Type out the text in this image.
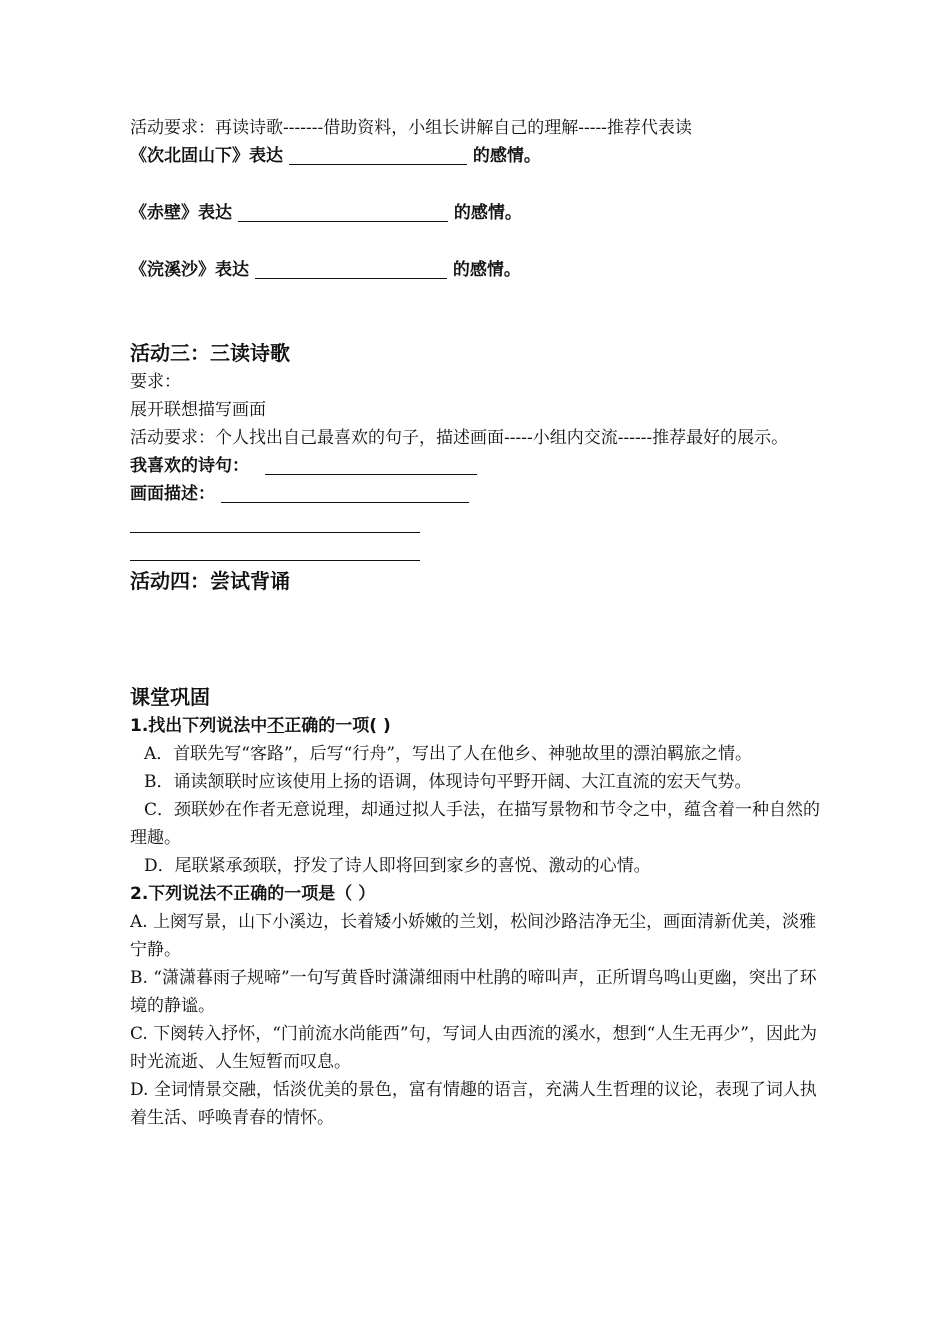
活动要求：再读诗歌-------借助资料，小组长讲解自己的理解-----推荐代表读
《次北固山下》表达	的感情。
《赤壁》表达	的感情。
《浣溪沙》表达	的感情。
活动三：三读诗歌
要求：
展开联想描写画面
活动要求：个人找出自己最喜欢的句子，描述画面-----小组内交流------推荐最好的展示。
我喜欢的诗句：
画面描述：
活动四：尝试背诵
课堂巩固
1.找出下列说法中不正确的一项( )
A．首联先写“客路”，后写“行舟”，写出了人在他乡、神驰故里的漂泊羁旅之情。
B．诵读颔联时应该使用上扬的语调，体现诗句平野开阔、大江直流的宏天气势。
C．颈联妙在作者无意说理，却通过拟人手法，在描写景物和节令之中，蕴含着一种自然的理趣。
D．尾联紧承颈联，抒发了诗人即将回到家乡的喜悦、激动的心情。
2.下列说法不正确的一项是（ ）
A. 上阕写景，山下小溪边，长着矮小娇嫩的兰划，松间沙路洁净无尘，画面清新优美，淡雅宁静。
B. “潇潇暮雨子规啼”一句写黄昏时潇潇细雨中杜鹃的啼叫声，正所谓鸟鸣山更幽，突出了环境的静谧。
C. 下阕转入抒怀，“门前流水尚能西”句，写词人由西流的溪水，想到“人生无再少”，因此为时光流逝、人生短暂而叹息。
D. 全词情景交融，恬淡优美的景色，富有情趣的语言，充满人生哲理的议论，表现了词人执着生活、呼唤青春的情怀。
